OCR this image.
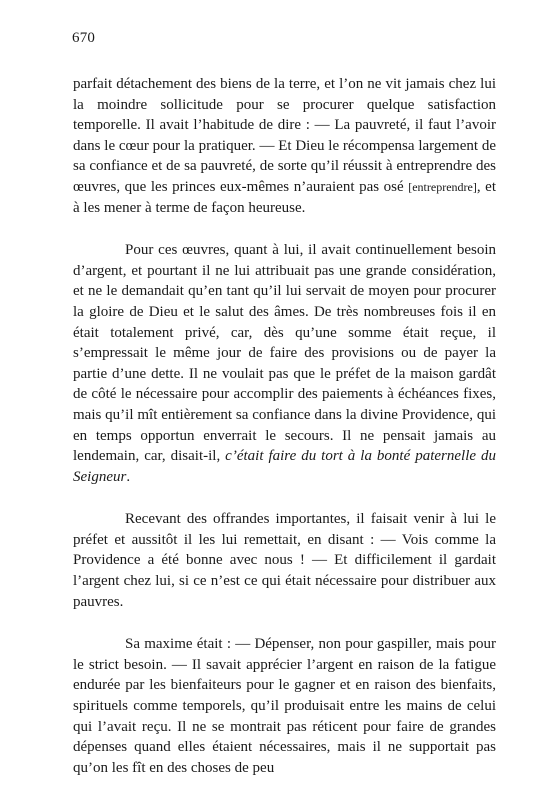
670

parfait détachement des biens de la terre, et l’on ne vit jamais chez lui la moindre sollicitude pour se procurer quelque satisfaction temporelle. Il avait l’habitude de dire : — La pauvreté, il faut l’avoir dans le cœur pour la pratiquer. — Et Dieu le récompensa largement de sa confiance et de sa pauvreté, de sorte qu’il réussit à entreprendre des œuvres, que les princes eux-mêmes n’auraient pas osé [entreprendre], et à les mener à terme de façon heureuse.

Pour ces œuvres, quant à lui, il avait continuellement besoin d’argent, et pourtant il ne lui attribuait pas une grande considération, et ne le demandait qu’en tant qu’il lui servait de moyen pour procurer la gloire de Dieu et le salut des âmes. De très nombreuses fois il en était totalement privé, car, dès qu’une somme était reçue, il s’empressait le même jour de faire des provisions ou de payer la partie d’une dette. Il ne voulait pas que le préfet de la maison gardât de côté le nécessaire pour accomplir des paiements à échéances fixes, mais qu’il mît entièrement sa confiance dans la divine Providence, qui en temps opportun enverrait le secours. Il ne pensait jamais au lendemain, car, disait-il, c’était faire du tort à la bonté paternelle du Seigneur.

Recevant des offrandes importantes, il faisait venir à lui le préfet et aussitôt il les lui remettait, en disant : — Vois comme la Providence a été bonne avec nous ! — Et difficilement il gardait l’argent chez lui, si ce n’est ce qui était nécessaire pour distribuer aux pauvres.

Sa maxime était : — Dépenser, non pour gaspiller, mais pour le strict besoin. — Il savait apprécier l’argent en raison de la fatigue endurée par les bienfaiteurs pour le gagner et en raison des bienfaits, spirituels comme temporels, qu’il produisait entre les mains de celui qui l’avait reçu. Il ne se montrait pas réticent pour faire de grandes dépenses quand elles étaient nécessaires, mais il ne supportait pas qu’on les fît en des choses de peu
